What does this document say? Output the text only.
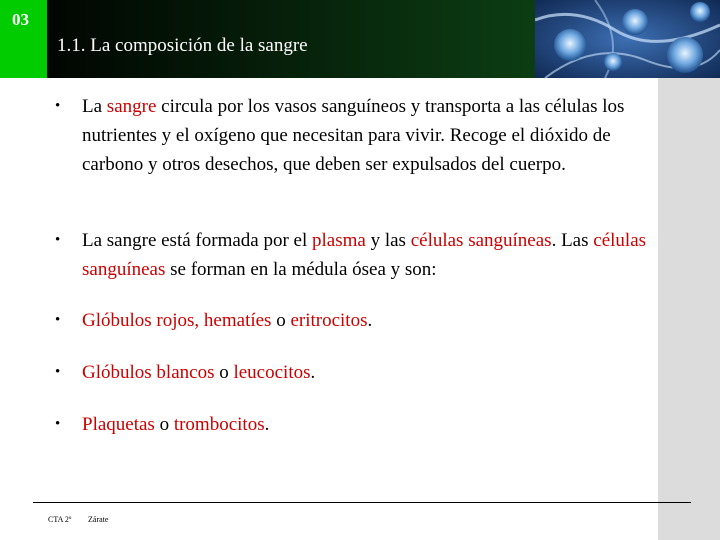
03
1.1. La composición de la sangre
•	La sangre circula por los vasos sanguíneos y transporta a las células los nutrientes y el oxígeno que necesitan para vivir. Recoge el dióxido de carbono y otros desechos, que deben ser expulsados del cuerpo.
•	La sangre está formada por el plasma y las células sanguíneas. Las células sanguíneas se forman en la médula ósea y son:
•	Glóbulos rojos, hematíes o eritrocitos.
•	Glóbulos blancos o leucocitos.
•	Plaquetas o trombocitos.
CTA 2º Zárate
